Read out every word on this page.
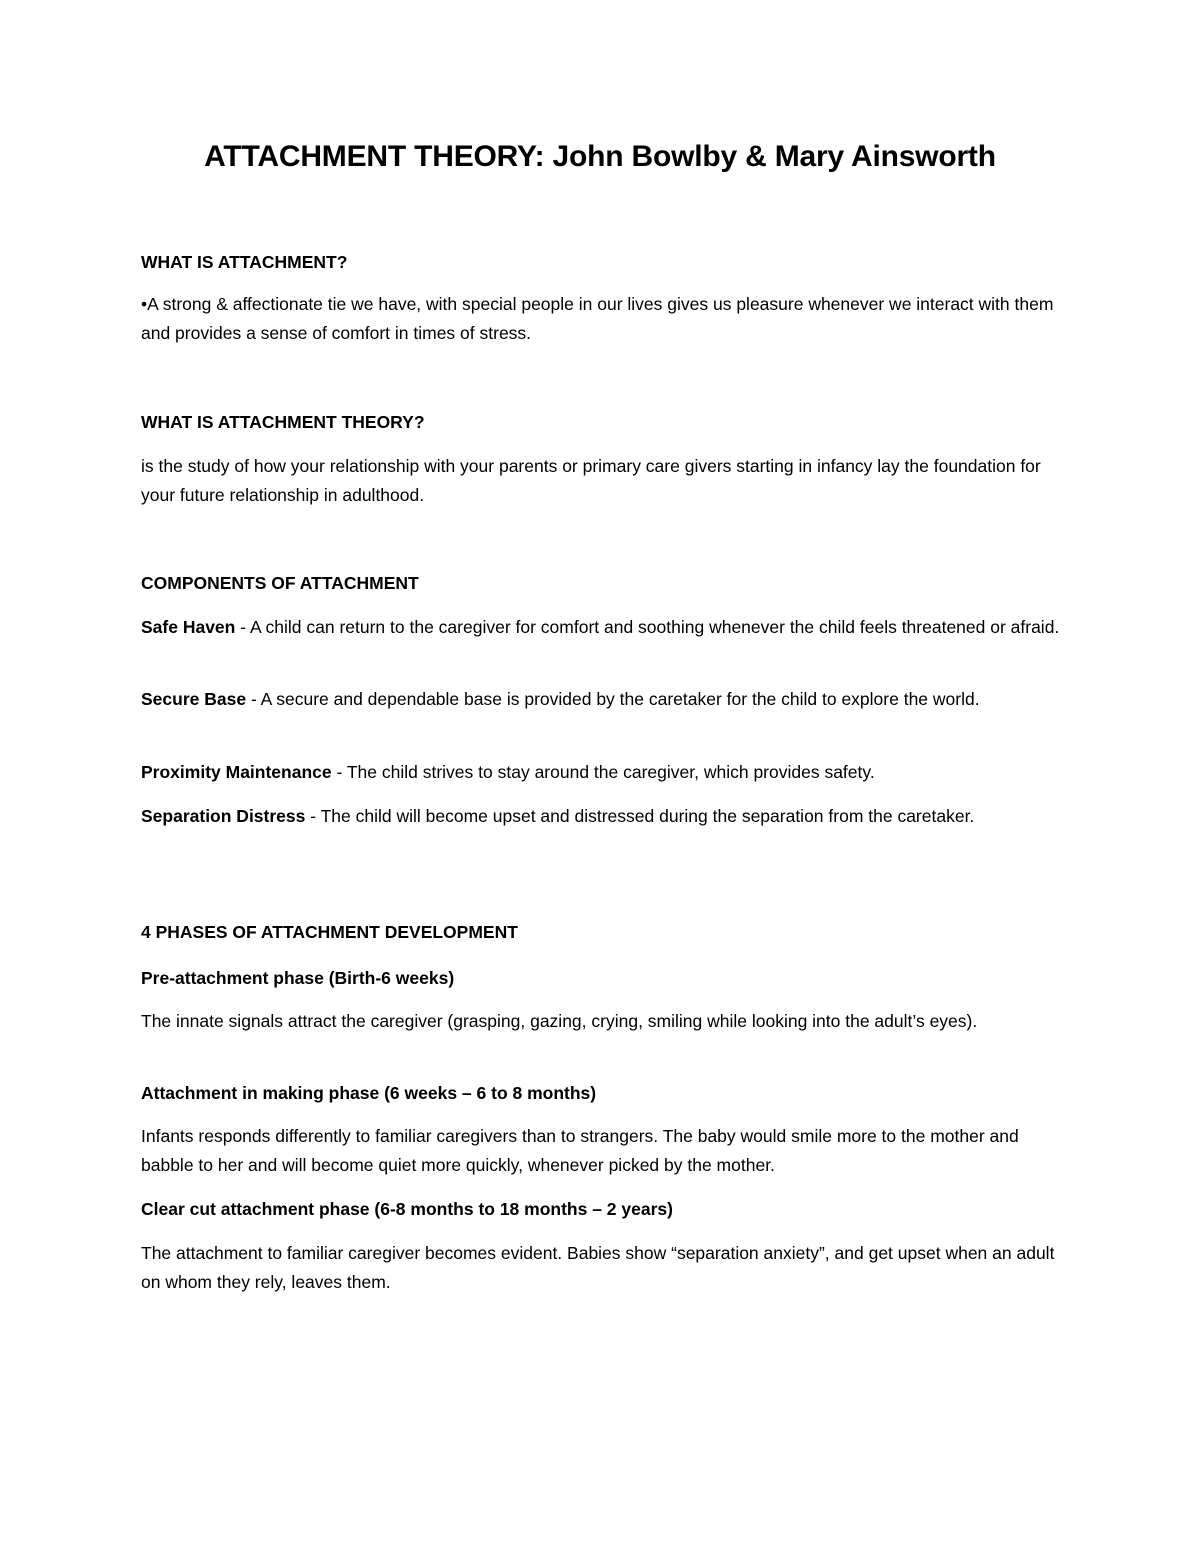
ATTACHMENT THEORY: John Bowlby & Mary Ainsworth

WHAT IS ATTACHMENT?

•A strong & affectionate tie we have, with special people in our lives gives us pleasure whenever we interact with them and provides a sense of comfort in times of stress.

WHAT IS ATTACHMENT THEORY?

is the study of how your relationship with your parents or primary care givers starting in infancy lay the foundation for your future relationship in adulthood.

COMPONENTS OF ATTACHMENT

Safe Haven - A child can return to the caregiver for comfort and soothing whenever the child feels threatened or afraid.

Secure Base - A secure and dependable base is provided by the caretaker for the child to explore the world.

Proximity Maintenance - The child strives to stay around the caregiver, which provides safety.

Separation Distress - The child will become upset and distressed during the separation from the caretaker.

4 PHASES OF ATTACHMENT DEVELOPMENT

Pre-attachment phase (Birth-6 weeks)

The innate signals attract the caregiver (grasping, gazing, crying, smiling while looking into the adult’s eyes).

Attachment in making phase (6 weeks – 6 to 8 months)

Infants responds differently to familiar caregivers than to strangers. The baby would smile more to the mother and babble to her and will become quiet more quickly, whenever picked by the mother.

Clear cut attachment phase (6-8 months to 18 months – 2 years)

The attachment to familiar caregiver becomes evident. Babies show “separation anxiety”, and get upset when an adult on whom they rely, leaves them.
